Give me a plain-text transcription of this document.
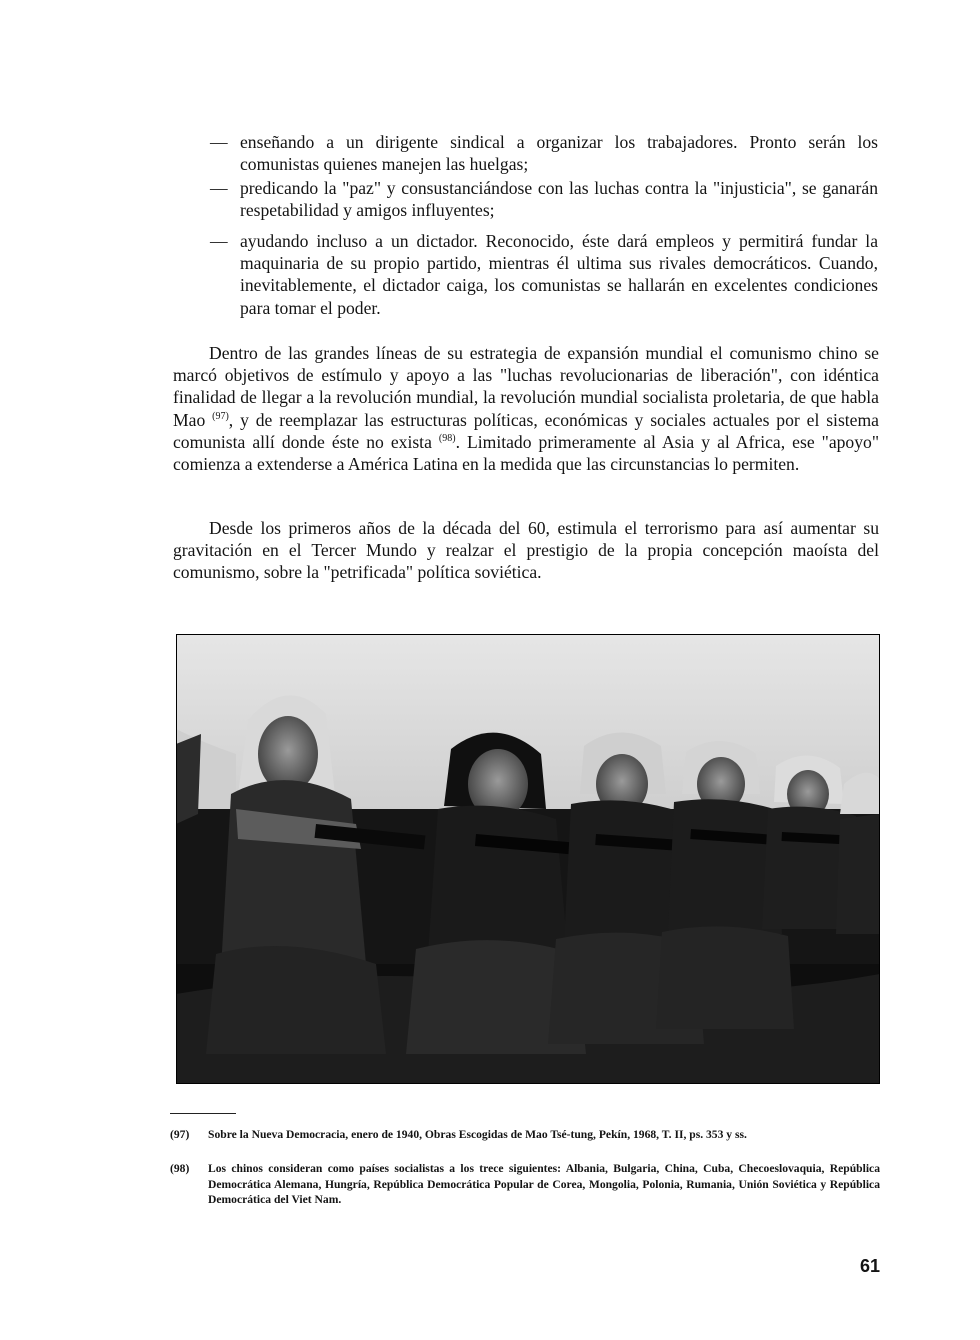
— enseñando a un dirigente sindical a organizar los trabajadores. Pronto serán los comunistas quienes manejen las huelgas;
— predicando la "paz" y consustanciándose con las luchas contra la "injusticia", se ganarán respetabilidad y amigos influyentes;
— ayudando incluso a un dictador. Reconocido, éste dará empleos y permitirá fundar la maquinaria de su propio partido, mientras él ultima sus rivales democráticos. Cuando, inevitablemente, el dictador caiga, los comunistas se hallarán en excelentes condiciones para tomar el poder.

Dentro de las grandes líneas de su estrategia de expansión mundial el comunismo chino se marcó objetivos de estímulo y apoyo a las "luchas revolucionarias de liberación", con idéntica finalidad de llegar a la revolución mundial, la revolución mundial socialista proletaria, de que habla Mao $^{(97)}$, y de reemplazar las estructuras políticas, económicas y sociales actuales por el sistema comunista allí donde éste no exista $^{(98)}$. Limitado primeramente al Asia y al Africa, ese "apoyo" comienza a extenderse a América Latina en la medida que las circunstancias lo permiten.

Desde los primeros años de la década del 60, estimula el terrorismo para así aumentar su gravitación en el Tercer Mundo y realzar el prestigio de la propia concepción maoísta del comunismo, sobre la "petrificada" política soviética.

(97) Sobre la Nueva Democracia, enero de 1940, Obras Escogidas de Mao Tsé-tung, Pekín, 1968, T. II, ps. 353 y ss.
(98) Los chinos consideran como países socialistas a los trece siguientes: Albania, Bulgaria, China, Cuba, Checoeslovaquia, República Democrática Alemana, Hungría, República Democrática Popular de Corea, Mongolia, Polonia, Rumania, Unión Soviética y República Democrática del Viet Nam.
61
